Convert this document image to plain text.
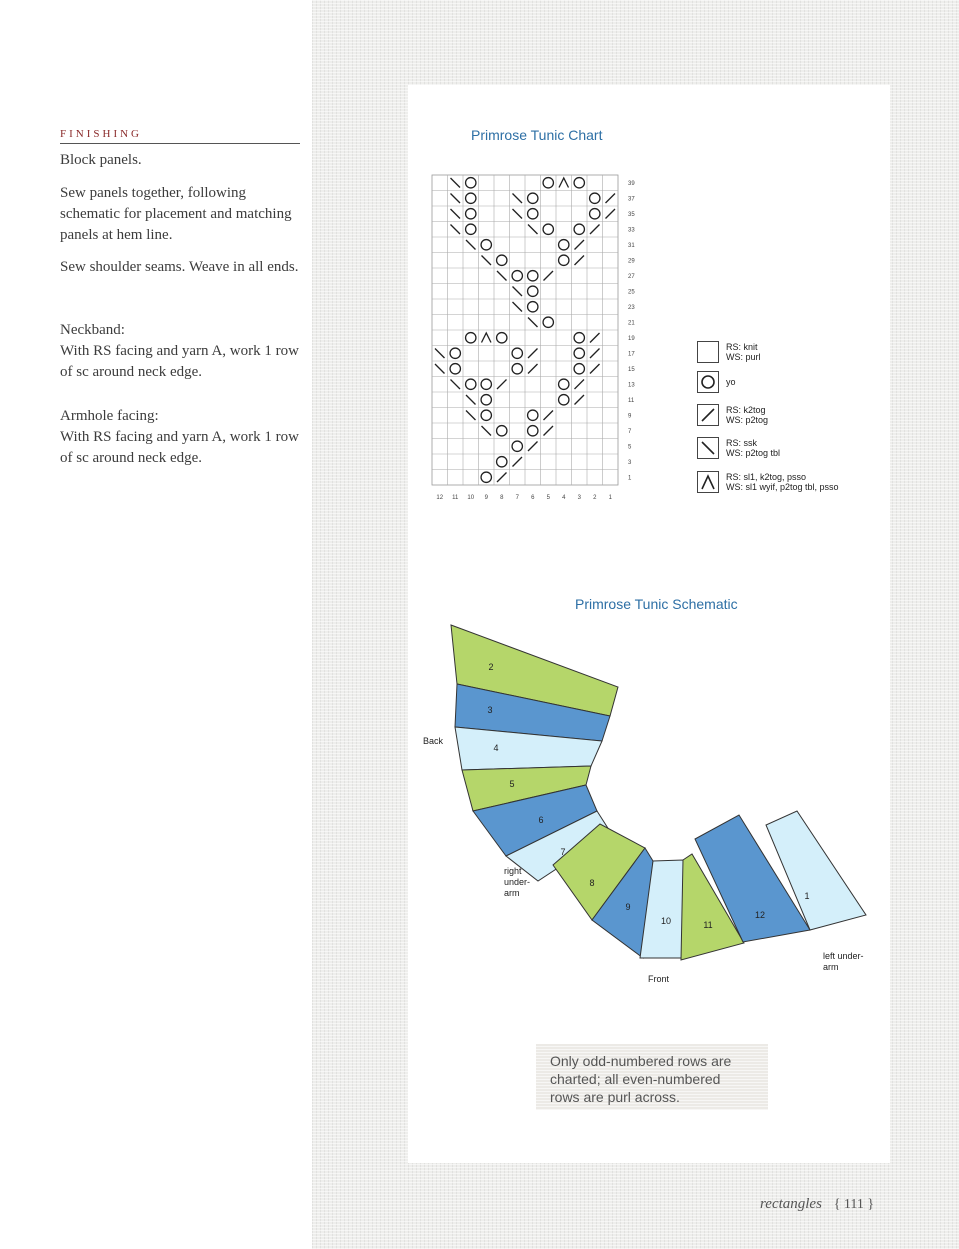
FINISHING

Block panels.

Sew panels together, following schematic for placement and matching panels at hem line.

Sew shoulder seams. Weave in all ends.

Neckband:

With RS facing and yarn A, work 1 row of sc around neck edge.

Armhole facing:

With RS facing and yarn A, work 1 row of sc around neck edge.

Primrose Tunic Chart
39
37
35
33
31
29
27
25
23
21
19
17
15
13
11
9
7
5
3
1
12 11 10 9 8 7 6 5 4 3 2 1
RS: knit
WS: purl
yo
RS: k2tog
WS: p2tog
RS: ssk
WS: p2tog tbl
RS: sl1, k2tog, psso
WS: sl1 wyif, p2tog tbl, psso
Primrose Tunic Schematic
1
2
3
4
5
6
7
8
9
10	11
12
Back
Front
right
under-
arm
left under-
arm
Only odd-numbered rows are
charted; all even-numbered
rows are purl across.
rectangles { 111 }
